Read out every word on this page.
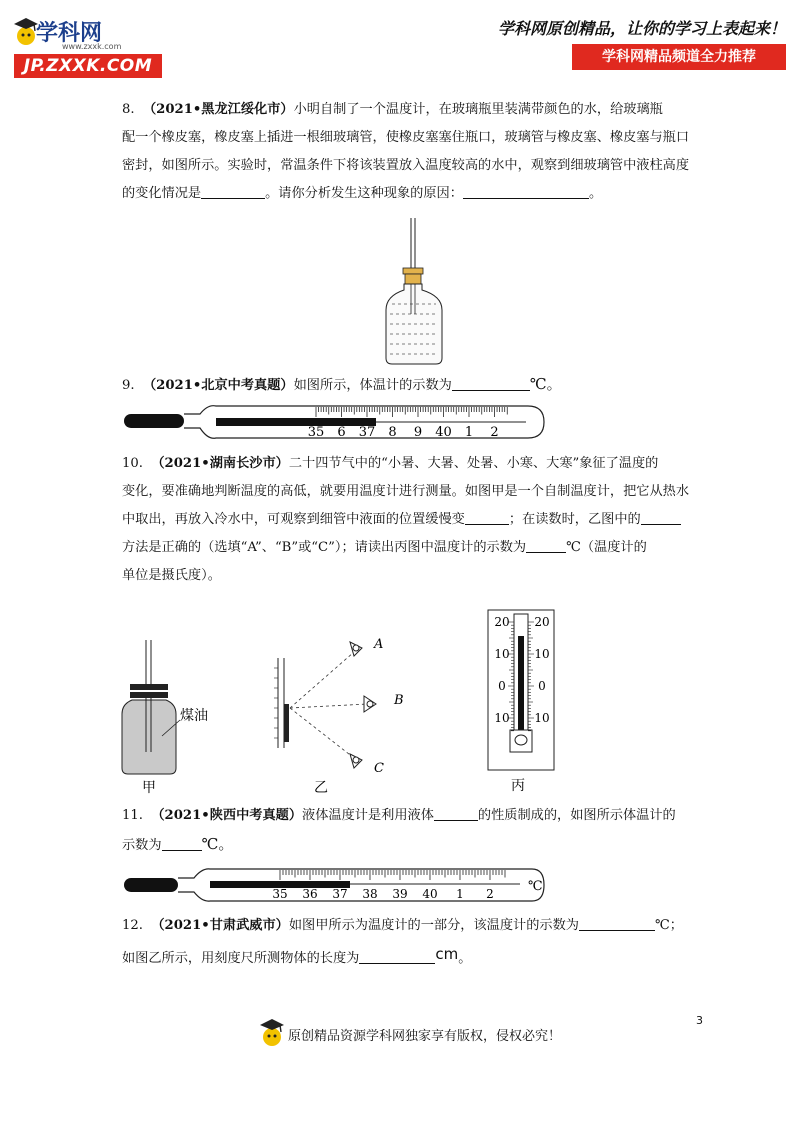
学科网
www.zxxk.com
JP.ZXXK.COM
学科网原创精品，让你的学习上表起来！
学科网精品频道全力推荐
8. （2021•黑龙江绥化市）小明自制了一个温度计，在玻璃瓶里装满带颜色的水，给玻璃瓶
配一个橡皮塞，橡皮塞上插进一根细玻璃管，使橡皮塞塞住瓶口，玻璃管与橡皮塞、橡皮塞与瓶口
密封，如图所示。实验时，常温条件下将该装置放入温度较高的水中，观察到细玻璃管中液柱高度
的变化情况是	。请你分析发生这种现象的原因：	。
9. （2021•北京中考真题）如图所示，体温计的示数为	℃。
35 6 37 8 9 40 1 2
10. （2021•湖南长沙市）二十四节气中的“小暑、大暑、处暑、小寒、大寒”象征了温度的
变化，要准确地判断温度的高低，就要用温度计进行测量。如图甲是一个自制温度计，把它从热水
中取出，再放入冷水中，可观察到细管中液面的位置缓慢变	；在读数时，乙图中的
方法是正确的（选填“A”、“B”或“C”）；请读出丙图中温度计的示数为	℃（温度计的
单位是摄氏度）。
煤油
甲
A
B
C
乙
20 20
10 10
0	0
10 10
丙
11. （2021•陕西中考真题）液体温度计是利用液体	的性质制成的，如图所示体温计的
示数为	℃。
35 36 37 38 39 40 1 2	℃
12. （2021•甘肃武威市）如图甲所示为温度计的一部分，该温度计的示数为	℃；
如图乙所示，用刻度尺所测物体的长度为	cm。
3
原创精品资源学科网独家享有版权，侵权必究！
